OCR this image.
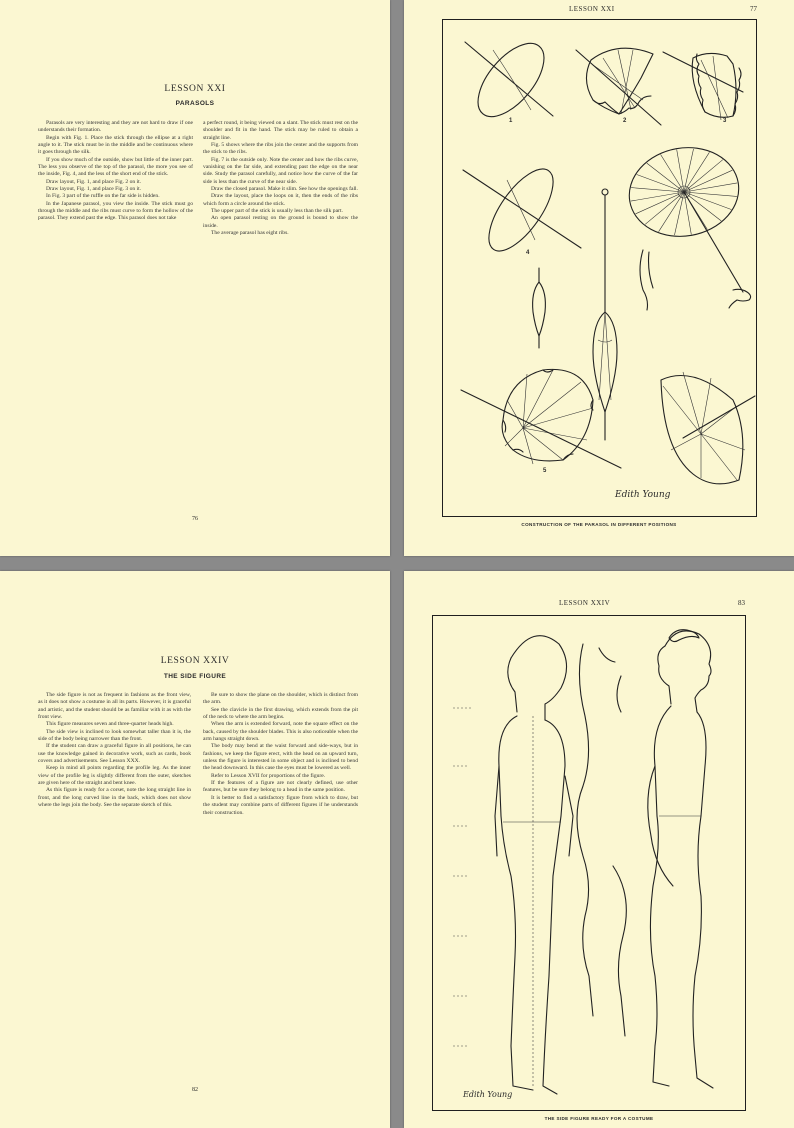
LESSON XXI
PARASOLS

Parasols are very interesting and they are not hard to draw if one understands their formation.

Begin with Fig. 1. Place the stick through the ellipse at a right angle to it. The stick must be in the middle and be continuous where it goes through the silk.

If you show much of the outside, show but little of the inner part. The less you observe of the top of the parasol, the more you see of the inside, Fig. 4, and the less of the short end of the stick.

Draw layout, Fig. 1, and place Fig. 2 on it.

Draw layout, Fig. 1, and place Fig. 3 on it.

In Fig. 3 part of the ruffle on the far side is hidden.

In the Japanese parasol, you view the inside. The stick must go through the middle and the ribs must curve to form the hollow of the parasol. They extend past the edge. This parasol does not take

a perfect round, it being viewed on a slant. The stick must rest on the shoulder and fit in the hand. The stick may be ruled to obtain a straight line.

Fig. 5 shows where the ribs join the center and the supports from the stick to the ribs.

Fig. 7 is the outside only. Note the center and how the ribs curve, vanishing on the far side, and extending past the edge on the near side. Study the parasol carefully, and notice how the curve of the far side is less than the curve of the near side.

Draw the closed parasol. Make it slim. See how the openings fall.

Draw the layout, place the loops on it, then the ends of the ribs which form a circle around the stick.

The upper part of the stick is usually less than the silk part.

An open parasol resting on the ground is bound to show the inside.

The average parasol has eight ribs.

76
LESSON XXI	77
1	2	3
4
5
Edith Young
CONSTRUCTION OF THE PARASOL IN DIFFERENT POSITIONS
LESSON XXIV
THE SIDE FIGURE

The side figure is not as frequent in fashions as the front view, as it does not show a costume in all its parts. However, it is graceful and artistic, and the student should be as familiar with it as with the front view.

This figure measures seven and three-quarter heads high.

The side view is inclined to look somewhat taller than it is, the side of the body being narrower than the front.

If the student can draw a graceful figure in all positions, he can use the knowledge gained in decorative work, such as cards, book covers and advertisements. See Lesson XXX.

Keep in mind all points regarding the profile leg. As the inner view of the profile leg is slightly different from the outer, sketches are given here of the straight and bent knee.

As this figure is ready for a corset, note the long straight line in front, and the long curved line in the back, which does not show where the legs join the body. See the separate sketch of this.

Be sure to show the plane on the shoulder, which is distinct from the arm.

See the clavicle in the first drawing, which extends from the pit of the neck to where the arm begins.

When the arm is extended forward, note the square effect on the back, caused by the shoulder blades. This is also noticeable when the arm hangs straight down.

The body may bend at the waist forward and side-ways, but in fashions, we keep the figure erect, with the head on an upward turn, unless the figure is interested in some object and is inclined to bend the head downward. In this case the eyes must be lowered as well.

Refer to Lesson XVII for proportions of the figure.

If the features of a figure are not clearly defined, use other features, but be sure they belong to a head in the same position.

It is better to find a satisfactory figure from which to draw, but the student may combine parts of different figures if he understands their construction.

82
LESSON XXIV	83
Edith Young
THE SIDE FIGURE READY FOR A COSTUME
